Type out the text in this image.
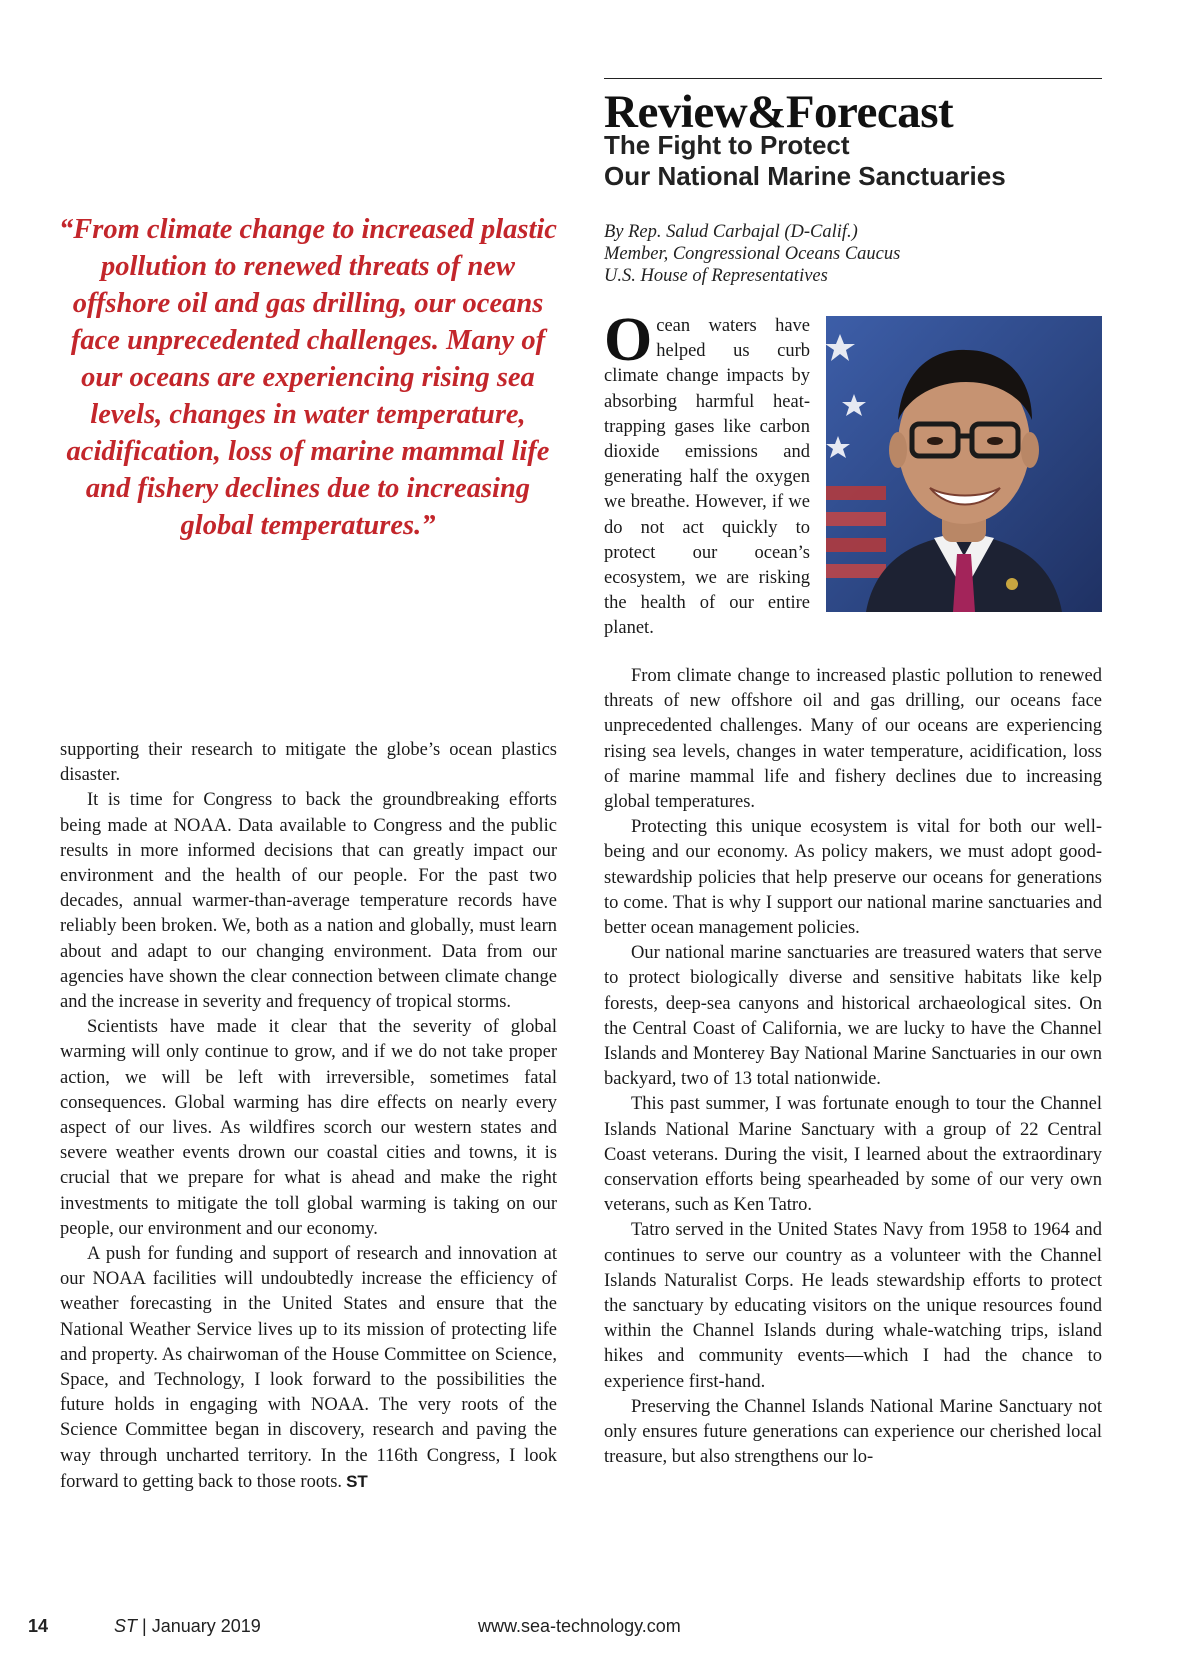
Review&Forecast
The Fight to Protect
Our National Marine Sanctuaries
By Rep. Salud Carbajal (D-Calif.)
Member, Congressional Oceans Caucus
U.S. House of Representatives

“From climate change to increased plastic pollution to renewed threats of new offshore oil and gas drilling, our oceans face unprecedented challenges. Many of our oceans are experiencing rising sea levels, changes in water temperature, acidification, loss of marine mammal life and fishery declines due to increasing global temperatures.”

Ocean waters have helped us curb climate change impacts by absorbing harmful heat-trapping gases like carbon dioxide emissions and generating half the oxygen we breathe. However, if we do not act quickly to protect our ocean’s ecosystem, we are risking the health of our entire planet.

supporting their research to mitigate the globe’s ocean plastics disaster.

It is time for Congress to back the groundbreaking efforts being made at NOAA. Data available to Congress and the public results in more informed decisions that can greatly impact our environment and the health of our people. For the past two decades, annual warmer-than-average temperature records have reliably been broken. We, both as a nation and globally, must learn about and adapt to our changing environment. Data from our agencies have shown the clear connection between climate change and the increase in severity and frequency of tropical storms.

Scientists have made it clear that the severity of global warming will only continue to grow, and if we do not take proper action, we will be left with irreversible, sometimes fatal consequences. Global warming has dire effects on nearly every aspect of our lives. As wildfires scorch our western states and severe weather events drown our coastal cities and towns, it is crucial that we prepare for what is ahead and make the right investments to mitigate the toll global warming is taking on our people, our environment and our economy.

A push for funding and support of research and innovation at our NOAA facilities will undoubtedly increase the efficiency of weather forecasting in the United States and ensure that the National Weather Service lives up to its mission of protecting life and property. As chairwoman of the House Committee on Science, Space, and Technology, I look forward to the possibilities the future holds in engaging with NOAA. The very roots of the Science Committee began in discovery, research and paving the way through uncharted territory. In the 116th Congress, I look forward to getting back to those roots. ST

From climate change to increased plastic pollution to renewed threats of new offshore oil and gas drilling, our oceans face unprecedented challenges. Many of our oceans are experiencing rising sea levels, changes in water temperature, acidification, loss of marine mammal life and fishery declines due to increasing global temperatures.

Protecting this unique ecosystem is vital for both our well-being and our economy. As policy makers, we must adopt good-stewardship policies that help preserve our oceans for generations to come. That is why I support our national marine sanctuaries and better ocean management policies.

Our national marine sanctuaries are treasured waters that serve to protect biologically diverse and sensitive habitats like kelp forests, deep-sea canyons and historical archaeological sites. On the Central Coast of California, we are lucky to have the Channel Islands and Monterey Bay National Marine Sanctuaries in our own backyard, two of 13 total nationwide.

This past summer, I was fortunate enough to tour the Channel Islands National Marine Sanctuary with a group of 22 Central Coast veterans. During the visit, I learned about the extraordinary conservation efforts being spearheaded by some of our very own veterans, such as Ken Tatro.

Tatro served in the United States Navy from 1958 to 1964 and continues to serve our country as a volunteer with the Channel Islands Naturalist Corps. He leads stewardship efforts to protect the sanctuary by educating visitors on the unique resources found within the Channel Islands during whale-watching trips, island hikes and community events—which I had the chance to experience first-hand.

Preserving the Channel Islands National Marine Sanctuary not only ensures future generations can experience our cherished local treasure, but also strengthens our lo-

14	ST | January 2019	www.sea-technology.com
